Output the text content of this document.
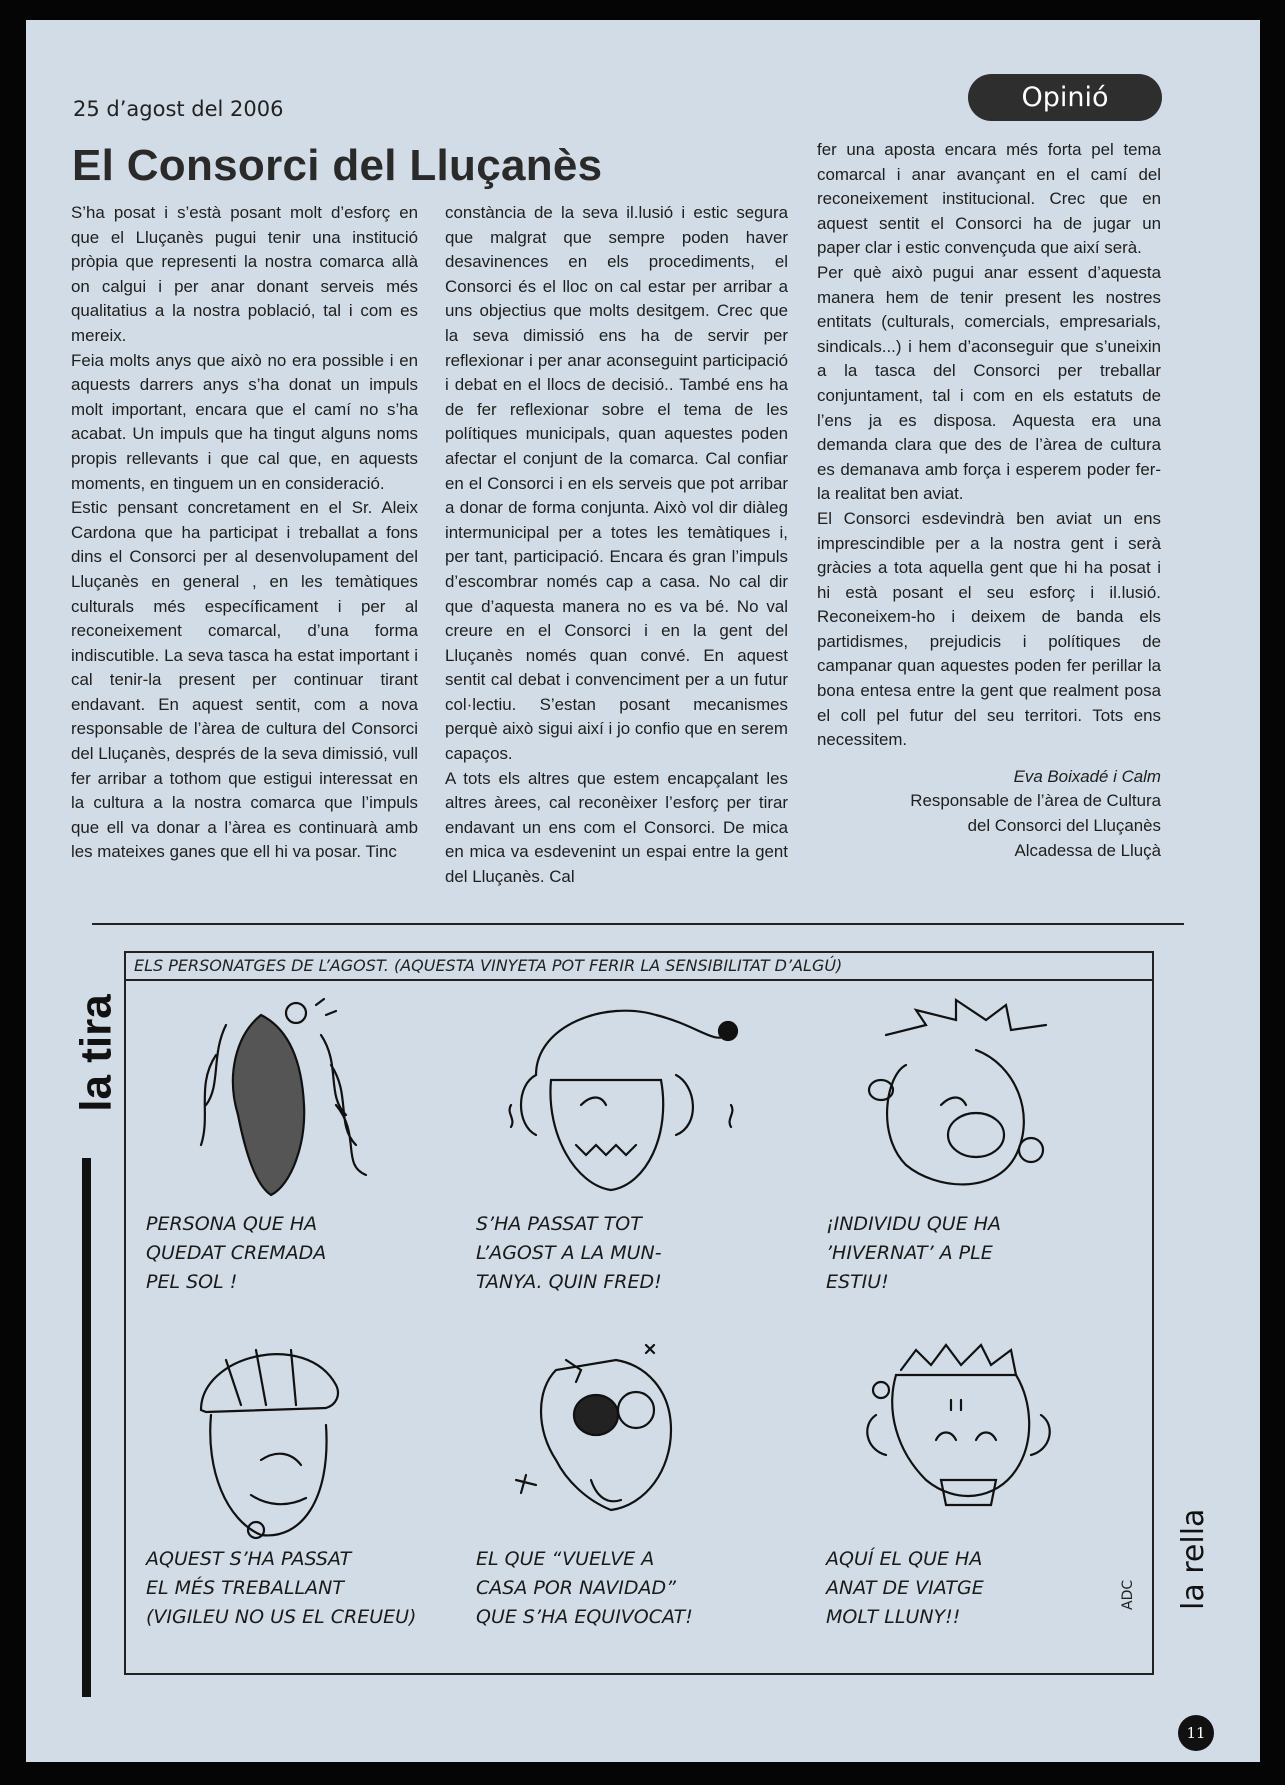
25 d’agost del 2006	Opinió
El Consorci del Lluçanès

S’ha posat i s’està posant molt d’esforç en que el Lluçanès pugui tenir una institució pròpia que representi la nostra comarca allà on calgui i per anar donant serveis més qualitatius a la nostra població, tal i com es mereix.

Feia molts anys que això no era possible i en aquests darrers anys s’ha donat un impuls molt important, encara que el camí no s’ha acabat. Un impuls que ha tingut alguns noms propis rellevants i que cal que, en aquests moments, en tinguem un en consideració.

Estic pensant concretament en el Sr. Aleix Cardona que ha participat i treballat a fons dins el Consorci per al desenvolupament del Lluçanès en general , en les temàtiques culturals més específicament i per al reconeixement comarcal, d’una forma indiscutible. La seva tasca ha estat important i cal tenir-la present per continuar tirant endavant. En aquest sentit, com a nova responsable de l’àrea de cultura del Consorci del Lluçanès, després de la seva dimissió, vull fer arribar a tothom que estigui interessat en la cultura a la nostra comarca que l’impuls que ell va donar a l’àrea es continuarà amb les mateixes ganes que ell hi va posar. Tinc

constància de la seva il.lusió i estic segura que malgrat que sempre poden haver desavinences en els procediments, el Consorci és el lloc on cal estar per arribar a uns objectius que molts desitgem. Crec que la seva dimissió ens ha de servir per reflexionar i per anar aconseguint participació i debat en el llocs de decisió.. També ens ha de fer reflexionar sobre el tema de les polítiques municipals, quan aquestes poden afectar el conjunt de la comarca. Cal confiar en el Consorci i en els serveis que pot arribar a donar de forma conjunta. Això vol dir diàleg intermunicipal per a totes les temàtiques i, per tant, participació. Encara és gran l’impuls d’escombrar només cap a casa. No cal dir que d’aquesta manera no es va bé. No val creure en el Consorci i en la gent del Lluçanès només quan convé. En aquest sentit cal debat i convenciment per a un futur col·lectiu. S’estan posant mecanismes perquè això sigui així i jo confio que en serem capaços.

A tots els altres que estem encapçalant les altres àrees, cal reconèixer l’esforç per tirar endavant un ens com el Consorci. De mica en mica va esdevenint un espai entre la gent del Lluçanès. Cal

fer una aposta encara més forta pel tema comarcal i anar avançant en el camí del reconeixement institucional. Crec que en aquest sentit el Consorci ha de jugar un paper clar i estic convençuda que així serà.

Per què això pugui anar essent d’aquesta manera hem de tenir present les nostres entitats (culturals, comercials, empresarials, sindicals...) i hem d’aconseguir que s’uneixin a la tasca del Consorci per treballar conjuntament, tal i com en els estatuts de l’ens ja es disposa. Aquesta era una demanda clara que des de l’àrea de cultura es demanava amb força i esperem poder fer-la realitat ben aviat.

El Consorci esdevindrà ben aviat un ens imprescindible per a la nostra gent i serà gràcies a tota aquella gent que hi ha posat i hi està posant el seu esforç i il.lusió. Reconeixem-ho i deixem de banda els partidismes, prejudicis i polítiques de campanar quan aquestes poden fer perillar la bona entesa entre la gent que realment posa el coll pel futur del seu territori. Tots ens necessitem.

Eva Boixadé i Calm
Responsable de l’àrea de Cultura
del Consorci del Lluçanès
Alcadessa de Lluçà
la tira
ELS PERSONATGES DE L’AGOST. (AQUESTA VINYETA POT FERIR LA SENSIBILITAT D’ALGÚ)
PERSONA QUE HA
QUEDAT CREMADA
PEL SOL !
S’HA PASSAT TOT
L’AGOST A LA MUN-
TANYA. QUIN FRED!
¡INDIVIDU QUE HA
’HIVERNAT’ A PLE
ESTIU!
AQUEST S’HA PASSAT
EL MÉS TREBALLANT
(VIGILEU NO US EL CREUEU)
EL QUE “VUELVE A
CASA POR NAVIDAD”
QUE S’HA EQUIVOCAT!
AQUÍ EL QUE HA
ANAT DE VIATGE
MOLT LLUNY!!
ADC la rella
11
